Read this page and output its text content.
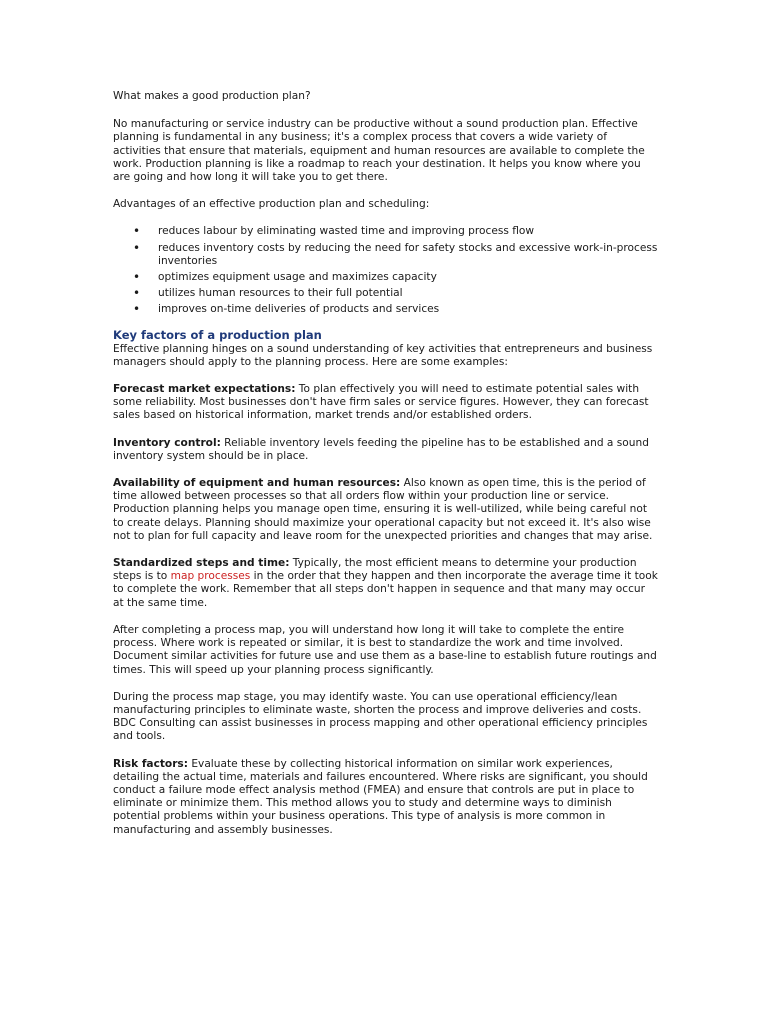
What makes a good production plan?

No manufacturing or service industry can be productive without a sound production plan. Effective planning is fundamental in any business; it's a complex process that covers a wide variety of activities that ensure that materials, equipment and human resources are available to complete the work. Production planning is like a roadmap to reach your destination. It helps you know where you are going and how long it will take you to get there.

Advantages of an effective production plan and scheduling:

• reduces labour by eliminating wasted time and improving process flow
• reduces inventory costs by reducing the need for safety stocks and excessive work-in-process inventories
• optimizes equipment usage and maximizes capacity
• utilizes human resources to their full potential
• improves on-time deliveries of products and services

Key factors of a production plan

Effective planning hinges on a sound understanding of key activities that entrepreneurs and business managers should apply to the planning process. Here are some examples:

Forecast market expectations: To plan effectively you will need to estimate potential sales with some reliability. Most businesses don't have firm sales or service figures. However, they can forecast sales based on historical information, market trends and/or established orders.

Inventory control: Reliable inventory levels feeding the pipeline has to be established and a sound inventory system should be in place.

Availability of equipment and human resources: Also known as open time, this is the period of time allowed between processes so that all orders flow within your production line or service. Production planning helps you manage open time, ensuring it is well-utilized, while being careful not to create delays. Planning should maximize your operational capacity but not exceed it. It's also wise not to plan for full capacity and leave room for the unexpected priorities and changes that may arise.

Standardized steps and time: Typically, the most efficient means to determine your production steps is to map processes in the order that they happen and then incorporate the average time it took to complete the work. Remember that all steps don't happen in sequence and that many may occur at the same time.

After completing a process map, you will understand how long it will take to complete the entire process. Where work is repeated or similar, it is best to standardize the work and time involved. Document similar activities for future use and use them as a base-line to establish future routings and times. This will speed up your planning process significantly.

During the process map stage, you may identify waste. You can use operational efficiency/lean manufacturing principles to eliminate waste, shorten the process and improve deliveries and costs. BDC Consulting can assist businesses in process mapping and other operational efficiency principles and tools.

Risk factors: Evaluate these by collecting historical information on similar work experiences, detailing the actual time, materials and failures encountered. Where risks are significant, you should conduct a failure mode effect analysis method (FMEA) and ensure that controls are put in place to eliminate or minimize them. This method allows you to study and determine ways to diminish potential problems within your business operations. This type of analysis is more common in manufacturing and assembly businesses.
